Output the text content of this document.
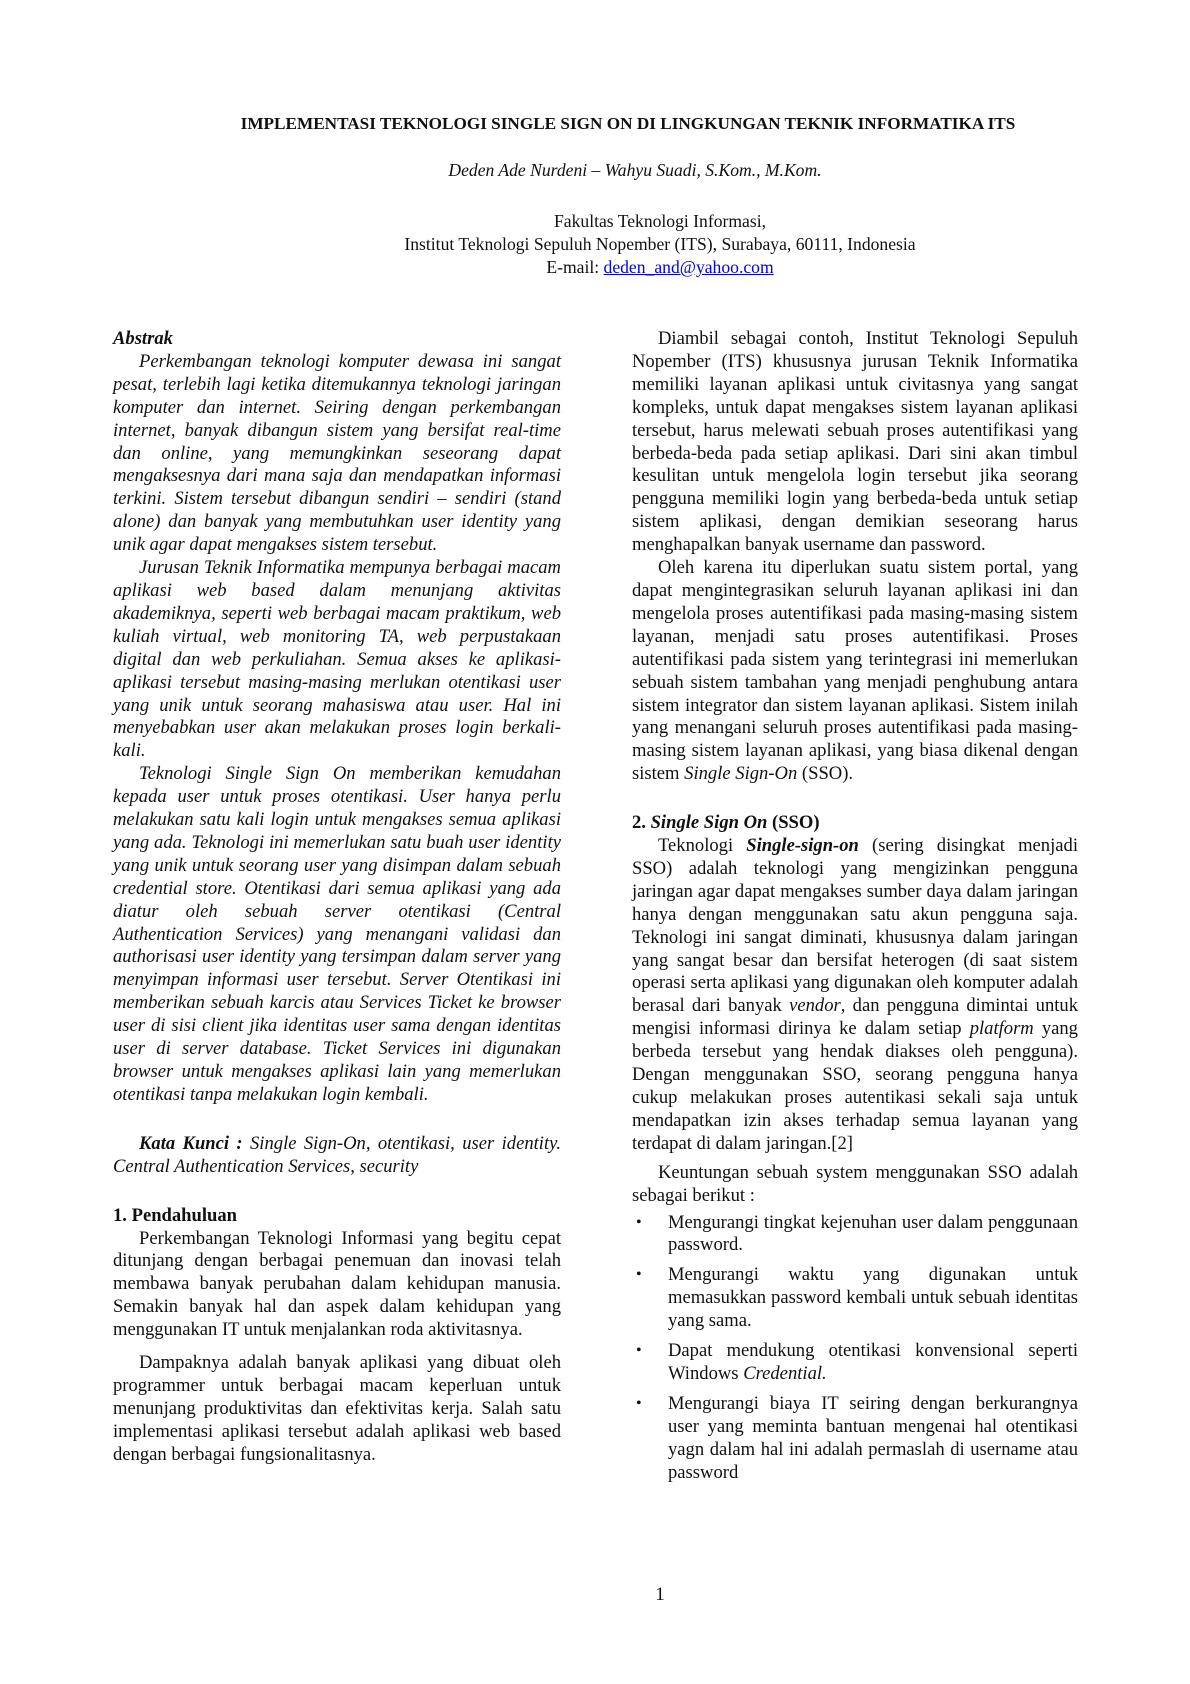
IMPLEMENTASI TEKNOLOGI SINGLE SIGN ON DI LINGKUNGAN TEKNIK INFORMATIKA ITS
Deden Ade Nurdeni – Wahyu Suadi, S.Kom., M.Kom.
Fakultas Teknologi Informasi,
Institut Teknologi Sepuluh Nopember (ITS), Surabaya, 60111, Indonesia
E-mail: deden_and@yahoo.com

Abstrak

Perkembangan teknologi komputer dewasa ini sangat pesat, terlebih lagi ketika ditemukannya teknologi jaringan komputer dan internet. Seiring dengan perkembangan internet, banyak dibangun sistem yang bersifat real-time dan online, yang memungkinkan seseorang dapat mengaksesnya dari mana saja dan mendapatkan informasi terkini. Sistem tersebut dibangun sendiri – sendiri (stand alone) dan banyak yang membutuhkan user identity yang unik agar dapat mengakses sistem tersebut.

Jurusan Teknik Informatika mempunya berbagai macam aplikasi web based dalam menunjang aktivitas akademiknya, seperti web berbagai macam praktikum, web kuliah virtual, web monitoring TA, web perpustakaan digital dan web perkuliahan. Semua akses ke aplikasi-aplikasi tersebut masing-masing merlukan otentikasi user yang unik untuk seorang mahasiswa atau user. Hal ini menyebabkan user akan melakukan proses login berkali-kali.

Teknologi Single Sign On memberikan kemudahan kepada user untuk proses otentikasi. User hanya perlu melakukan satu kali login untuk mengakses semua aplikasi yang ada. Teknologi ini memerlukan satu buah user identity yang unik untuk seorang user yang disimpan dalam sebuah credential store. Otentikasi dari semua aplikasi yang ada diatur oleh sebuah server otentikasi (Central Authentication Services) yang menangani validasi dan authorisasi user identity yang tersimpan dalam server yang menyimpan informasi user tersebut. Server Otentikasi ini memberikan sebuah karcis atau Services Ticket ke browser user di sisi client jika identitas user sama dengan identitas user di server database. Ticket Services ini digunakan browser untuk mengakses aplikasi lain yang memerlukan otentikasi tanpa melakukan login kembali.

Kata Kunci : Single Sign-On, otentikasi, user identity. Central Authentication Services, security

1. Pendahuluan

Perkembangan Teknologi Informasi yang begitu cepat ditunjang dengan berbagai penemuan dan inovasi telah membawa banyak perubahan dalam kehidupan manusia. Semakin banyak hal dan aspek dalam kehidupan yang menggunakan IT untuk menjalankan roda aktivitasnya.

Dampaknya adalah banyak aplikasi yang dibuat oleh programmer untuk berbagai macam keperluan untuk menunjang produktivitas dan efektivitas kerja. Salah satu implementasi aplikasi tersebut adalah aplikasi web based dengan berbagai fungsionalitasnya.

Diambil sebagai contoh, Institut Teknologi Sepuluh Nopember (ITS) khususnya jurusan Teknik Informatika memiliki layanan aplikasi untuk civitasnya yang sangat kompleks, untuk dapat mengakses sistem layanan aplikasi tersebut, harus melewati sebuah proses autentifikasi yang berbeda-beda pada setiap aplikasi. Dari sini akan timbul kesulitan untuk mengelola login tersebut jika seorang pengguna memiliki login yang berbeda-beda untuk setiap sistem aplikasi, dengan demikian seseorang harus menghapalkan banyak username dan password.

Oleh karena itu diperlukan suatu sistem portal, yang dapat mengintegrasikan seluruh layanan aplikasi ini dan mengelola proses autentifikasi pada masing-masing sistem layanan, menjadi satu proses autentifikasi. Proses autentifikasi pada sistem yang terintegrasi ini memerlukan sebuah sistem tambahan yang menjadi penghubung antara sistem integrator dan sistem layanan aplikasi. Sistem inilah yang menangani seluruh proses autentifikasi pada masing-masing sistem layanan aplikasi, yang biasa dikenal dengan sistem Single Sign-On (SSO).

2. Single Sign On (SSO)

Teknologi Single-sign-on (sering disingkat menjadi SSO) adalah teknologi yang mengizinkan pengguna jaringan agar dapat mengakses sumber daya dalam jaringan hanya dengan menggunakan satu akun pengguna saja. Teknologi ini sangat diminati, khususnya dalam jaringan yang sangat besar dan bersifat heterogen (di saat sistem operasi serta aplikasi yang digunakan oleh komputer adalah berasal dari banyak vendor, dan pengguna dimintai untuk mengisi informasi dirinya ke dalam setiap platform yang berbeda tersebut yang hendak diakses oleh pengguna). Dengan menggunakan SSO, seorang pengguna hanya cukup melakukan proses autentikasi sekali saja untuk mendapatkan izin akses terhadap semua layanan yang terdapat di dalam jaringan.[2]

Keuntungan sebuah system menggunakan SSO adalah sebagai berikut :

• Mengurangi tingkat kejenuhan user dalam penggunaan password.
• Mengurangi waktu yang digunakan untuk memasukkan password kembali untuk sebuah identitas yang sama.
• Dapat mendukung otentikasi konvensional seperti Windows Credential.
• Mengurangi biaya IT seiring dengan berkurangnya user yang meminta bantuan mengenai hal otentikasi yagn dalam hal ini adalah permaslah di username atau password
1
